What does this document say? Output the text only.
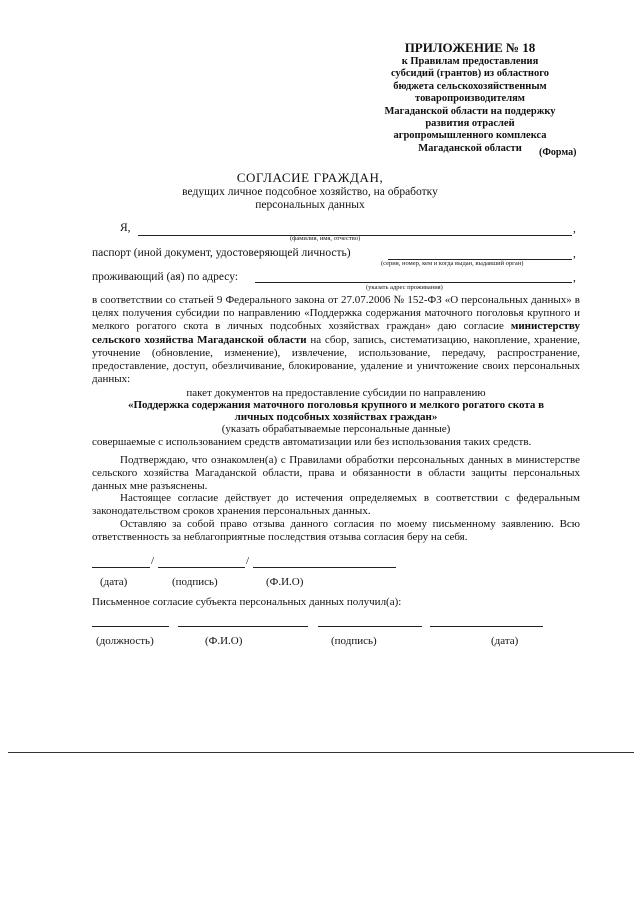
ПРИЛОЖЕНИЕ № 18
к Правилам предоставления
субсидий (грантов) из областного
бюджета сельскохозяйственным
товаропроизводителям
Магаданской области на поддержку
развития отраслей
агропромышленного комплекса
Магаданской области	(Форма)
СОГЛАСИЕ ГРАЖДАН,
ведущих личное подсобное хозяйство, на обработку
персональных данных
Я,	,
(фамилия, имя, отчество)
паспорт (иной документ, удостоверяющей личность)	,
(серия, номер, кем и когда выдан, выдавший орган)
проживающий (ая) по адресу:	,
(указать адрес проживания)
в соответствии со статьей 9 Федерального закона от 27.07.2006 № 152-ФЗ «О персональных данных» в целях получения субсидии по направлению «Поддержка содержания маточного поголовья крупного и мелкого рогатого скота в личных подсобных хозяйствах граждан» даю согласие министерству сельского хозяйства Магаданской области на сбор, запись, систематизацию, накопление, хранение, уточнение (обновление, изменение), извлечение, использование, передачу, распространение, предоставление, доступ, обезличивание, блокирование, удаление и уничтожение своих персональных данных:
пакет документов на предоставление субсидии по направлению
«Поддержка содержания маточного поголовья крупного и мелкого рогатого скота в
личных подсобных хозяйствах граждан»
(указать обрабатываемые персональные данные)
совершаемые с использованием средств автоматизации или без использования таких средств.
Подтверждаю, что ознакомлен(а) с Правилами обработки персональных данных в министерстве сельского хозяйства Магаданской области, права и обязанности в области защиты персональных данных мне разъяснены.
Настоящее согласие действует до истечения определяемых в соответствии с федеральным законодательством сроков хранения персональных данных.
Оставляю за собой право отзыва данного согласия по моему письменному заявлению. Всю ответственность за неблагоприятные последствия отзыва согласия беру на себя.
/	/
(дата)	(подпись)	(Ф.И.О)
Письменное согласие субъекта персональных данных получил(а):
(должность)	(Ф.И.О)	(подпись)	(дата)
